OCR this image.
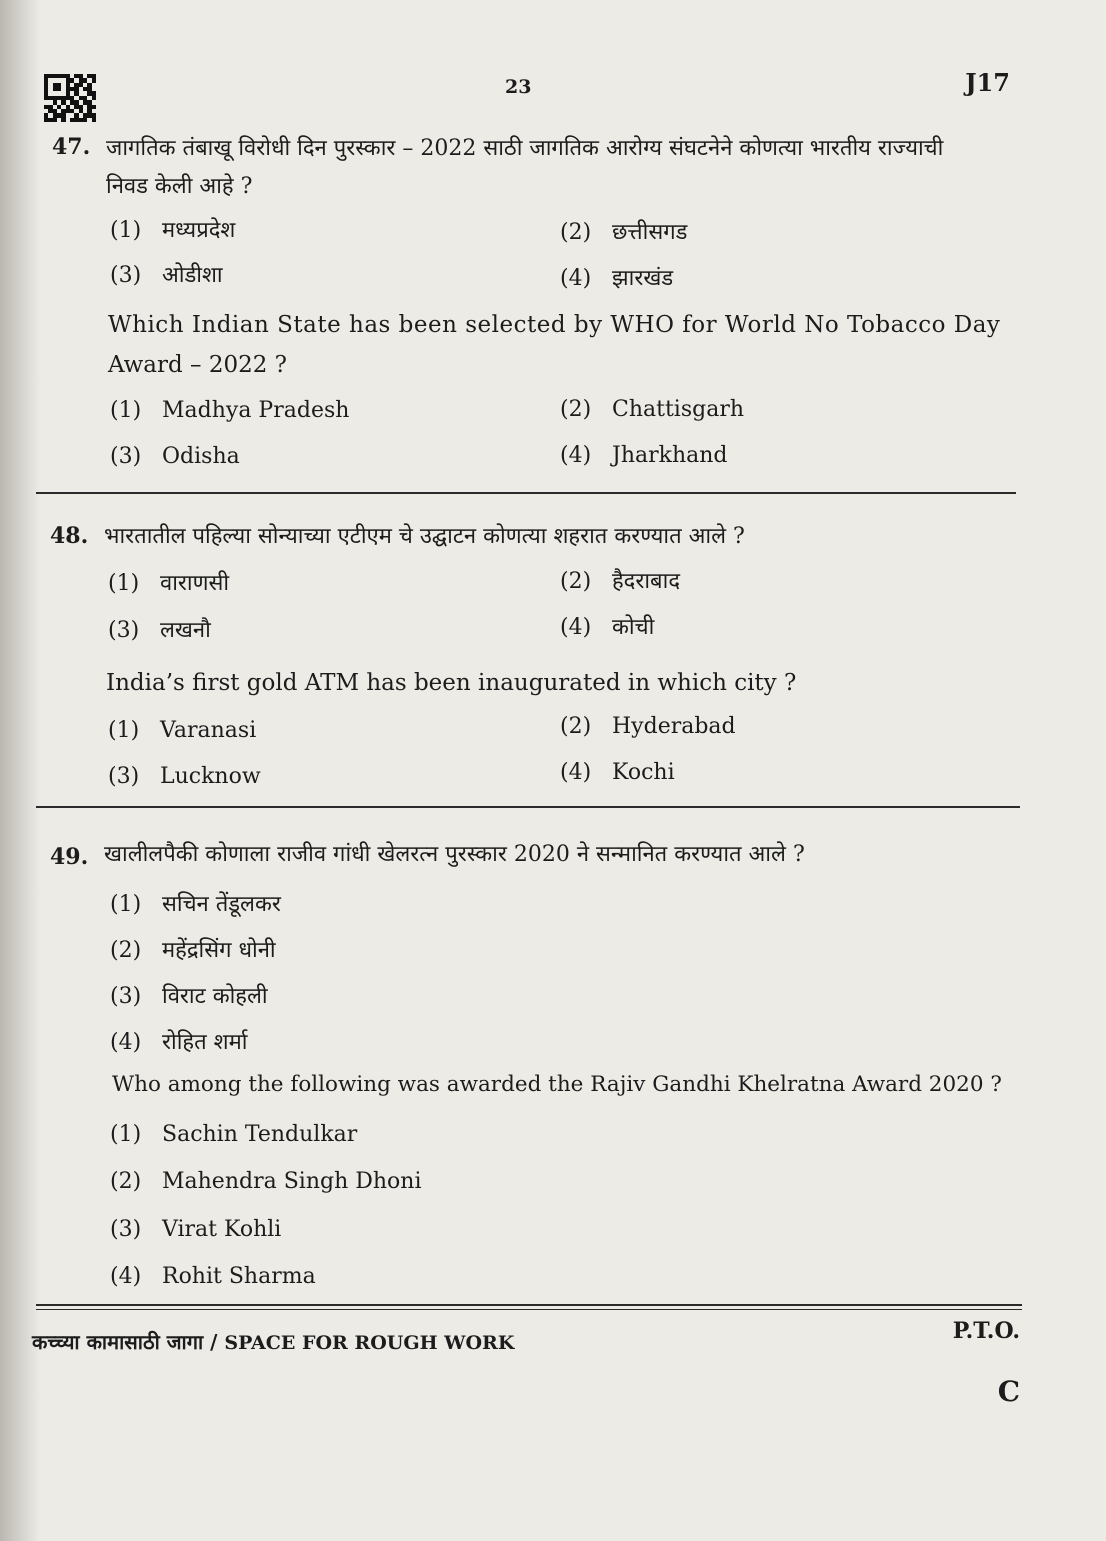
23	J17
47. जागतिक तंबाखू विरोधी दिन पुरस्कार – 2022 साठी जागतिक आरोग्य संघटनेने कोणत्या भारतीय राज्याची
निवड केली आहे ?
(1) मध्यप्रदेश	(2) छत्तीसगड
(3) ओडीशा	(4) झारखंड
Which Indian State has been selected by WHO for World No Tobacco Day
Award – 2022 ?
(1) Madhya Pradesh	(2) Chattisgarh
(3) Odisha	(4) Jharkhand
48. भारतातील पहिल्या सोन्याच्या एटीएम चे उद्घाटन कोणत्या शहरात करण्यात आले ?
(1) वाराणसी	(2) हैदराबाद
(3) लखनौ	(4) कोची
India’s first gold ATM has been inaugurated in which city ?
(1) Varanasi	(2) Hyderabad
(3) Lucknow	(4) Kochi
49. खालीलपैकी कोणाला राजीव गांधी खेलरत्न पुरस्कार 2020 ने सन्मानित करण्यात आले ?
(1) सचिन तेंडूलकर
(2) महेंद्रसिंग धोनी
(3) विराट कोहली
(4) रोहित शर्मा
Who among the following was awarded the Rajiv Gandhi Khelratna Award 2020 ?
(1) Sachin Tendulkar
(2) Mahendra Singh Dhoni
(3) Virat Kohli
(4) Rohit Sharma
कच्च्या कामासाठी जागा / SPACE FOR ROUGH WORK	P.T.O.
C
